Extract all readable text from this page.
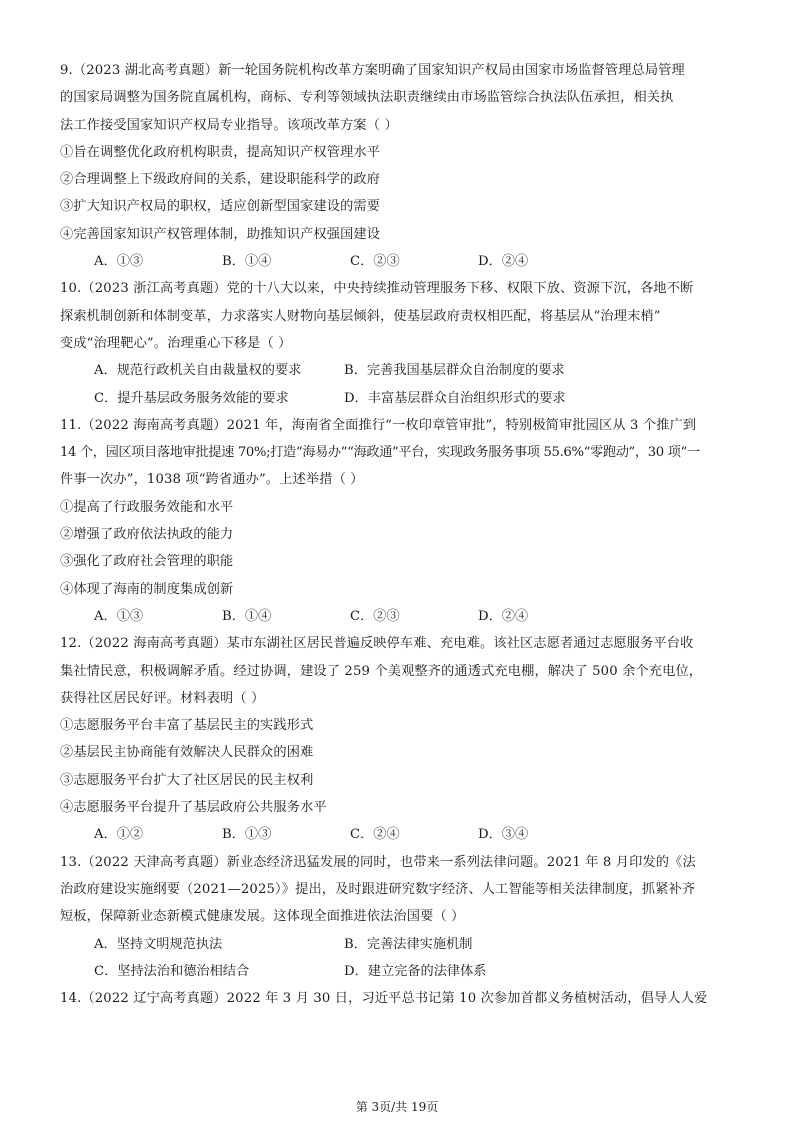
9.（2023 湖北高考真题）新一轮国务院机构改革方案明确了国家知识产权局由国家市场监督管理总局管理
的国家局调整为国务院直属机构，商标、专利等领域执法职责继续由市场监管综合执法队伍承担，相关执
法工作接受国家知识产权局专业指导。该项改革方案（ ）
①旨在调整优化政府机构职责，提高知识产权管理水平
②合理调整上下级政府间的关系，建设职能科学的政府
③扩大知识产权局的职权，适应创新型国家建设的需要
④完善国家知识产权管理体制，助推知识产权强国建设
A．①③	B．①④	C．②③	D．②④
10.（2023 浙江高考真题）党的十八大以来，中央持续推动管理服务下移、权限下放、资源下沉，各地不断
探索机制创新和体制变革，力求落实人财物向基层倾斜，使基层政府责权相匹配，将基层从“治理末梢”
变成“治理靶心”。治理重心下移是（ ）
A．规范行政机关自由裁量权的要求	B．完善我国基层群众自治制度的要求
C．提升基层政务服务效能的要求	D．丰富基层群众自治组织形式的要求
11.（2022 海南高考真题）2021 年，海南省全面推行“一枚印章管审批”，特别极简审批园区从 3 个推广到
14 个，园区项目落地审批提速 70%;打造“海易办”“海政通”平台，实现政务服务事项 55.6%“零跑动”，30 项“一
件事一次办”，1038 项“跨省通办”。上述举措（ ）
①提高了行政服务效能和水平
②增强了政府依法执政的能力
③强化了政府社会管理的职能
④体现了海南的制度集成创新
A．①③	B．①④	C．②③	D．②④
12.（2022 海南高考真题）某市东湖社区居民普遍反映停车难、充电难。该社区志愿者通过志愿服务平台收
集社情民意，积极调解矛盾。经过协调，建设了 259 个美观整齐的通透式充电棚，解决了 500 余个充电位，
获得社区居民好评。材料表明（ ）
①志愿服务平台丰富了基层民主的实践形式
②基层民主协商能有效解决人民群众的困难
③志愿服务平台扩大了社区居民的民主权利
④志愿服务平台提升了基层政府公共服务水平
A．①②	B．①③	C．②④	D．③④
13.（2022 天津高考真题）新业态经济迅猛发展的同时，也带来一系列法律问题。2021 年 8 月印发的《法
治政府建设实施纲要（2021—2025）》提出，及时跟进研究数字经济、人工智能等相关法律制度，抓紧补齐
短板，保障新业态新模式健康发展。这体现全面推进依法治国要（ ）
A．坚持文明规范执法	B．完善法律实施机制
C．坚持法治和德治相结合	D．建立完备的法律体系
14.（2022 辽宁高考真题）2022 年 3 月 30 日，习近平总书记第 10 次参加首都义务植树活动，倡导人人爱
第 3页/共 19页
